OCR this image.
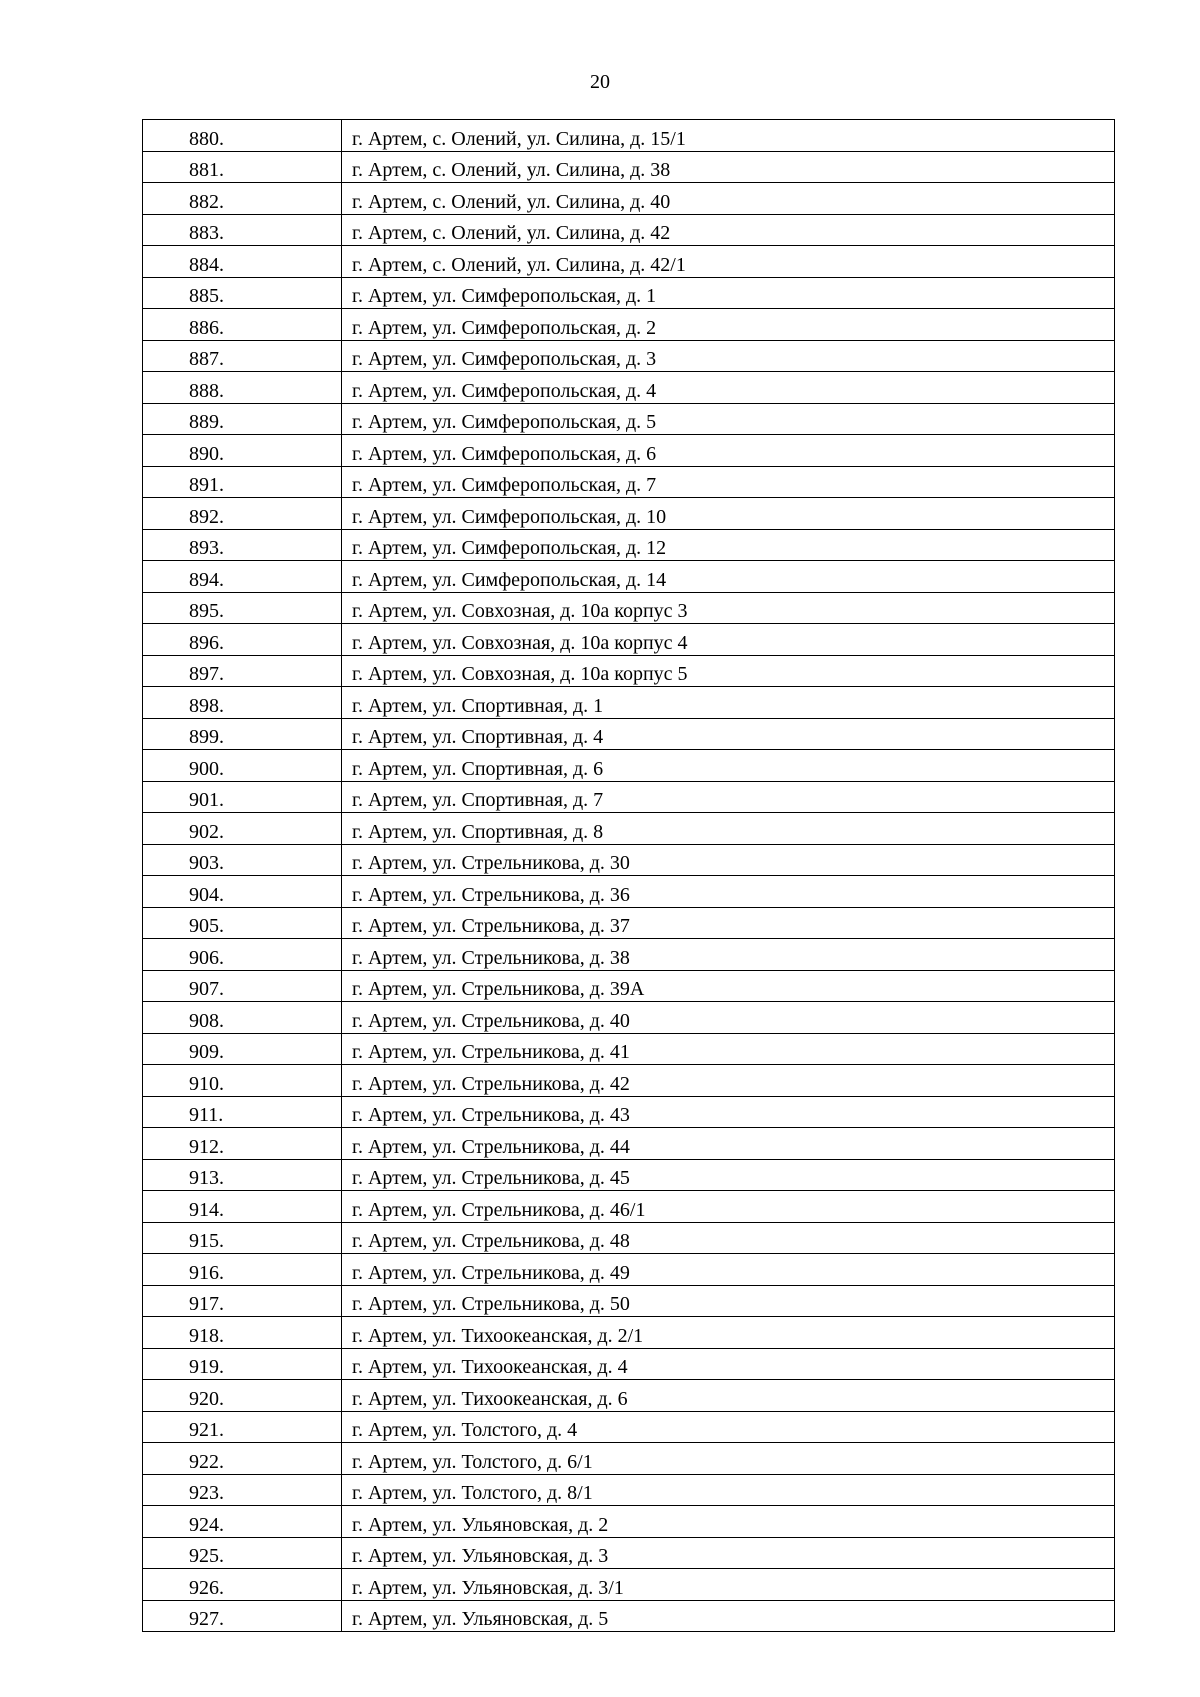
20
880.	г. Артем, с. Олений, ул. Силина, д. 15/1
881.	г. Артем, с. Олений, ул. Силина, д. 38
882.	г. Артем, с. Олений, ул. Силина, д. 40
883.	г. Артем, с. Олений, ул. Силина, д. 42
884.	г. Артем, с. Олений, ул. Силина, д. 42/1
885.	г. Артем, ул. Симферопольская, д. 1
886.	г. Артем, ул. Симферопольская, д. 2
887.	г. Артем, ул. Симферопольская, д. 3
888.	г. Артем, ул. Симферопольская, д. 4
889.	г. Артем, ул. Симферопольская, д. 5
890.	г. Артем, ул. Симферопольская, д. 6
891.	г. Артем, ул. Симферопольская, д. 7
892.	г. Артем, ул. Симферопольская, д. 10
893.	г. Артем, ул. Симферопольская, д. 12
894.	г. Артем, ул. Симферопольская, д. 14
895.	г. Артем, ул. Совхозная, д. 10а корпус 3
896.	г. Артем, ул. Совхозная, д. 10а корпус 4
897.	г. Артем, ул. Совхозная, д. 10а корпус 5
898.	г. Артем, ул. Спортивная, д. 1
899.	г. Артем, ул. Спортивная, д. 4
900.	г. Артем, ул. Спортивная, д. 6
901.	г. Артем, ул. Спортивная, д. 7
902.	г. Артем, ул. Спортивная, д. 8
903.	г. Артем, ул. Стрельникова, д. 30
904.	г. Артем, ул. Стрельникова, д. 36
905.	г. Артем, ул. Стрельникова, д. 37
906.	г. Артем, ул. Стрельникова, д. 38
907.	г. Артем, ул. Стрельникова, д. 39А
908.	г. Артем, ул. Стрельникова, д. 40
909.	г. Артем, ул. Стрельникова, д. 41
910.	г. Артем, ул. Стрельникова, д. 42
911.	г. Артем, ул. Стрельникова, д. 43
912.	г. Артем, ул. Стрельникова, д. 44
913.	г. Артем, ул. Стрельникова, д. 45
914.	г. Артем, ул. Стрельникова, д. 46/1
915.	г. Артем, ул. Стрельникова, д. 48
916.	г. Артем, ул. Стрельникова, д. 49
917.	г. Артем, ул. Стрельникова, д. 50
918.	г. Артем, ул. Тихоокеанская, д. 2/1
919.	г. Артем, ул. Тихоокеанская, д. 4
920.	г. Артем, ул. Тихоокеанская, д. 6
921.	г. Артем, ул. Толстого, д. 4
922.	г. Артем, ул. Толстого, д. 6/1
923.	г. Артем, ул. Толстого, д. 8/1
924.	г. Артем, ул. Ульяновская, д. 2
925.	г. Артем, ул. Ульяновская, д. 3
926.	г. Артем, ул. Ульяновская, д. 3/1
927.	г. Артем, ул. Ульяновская, д. 5
